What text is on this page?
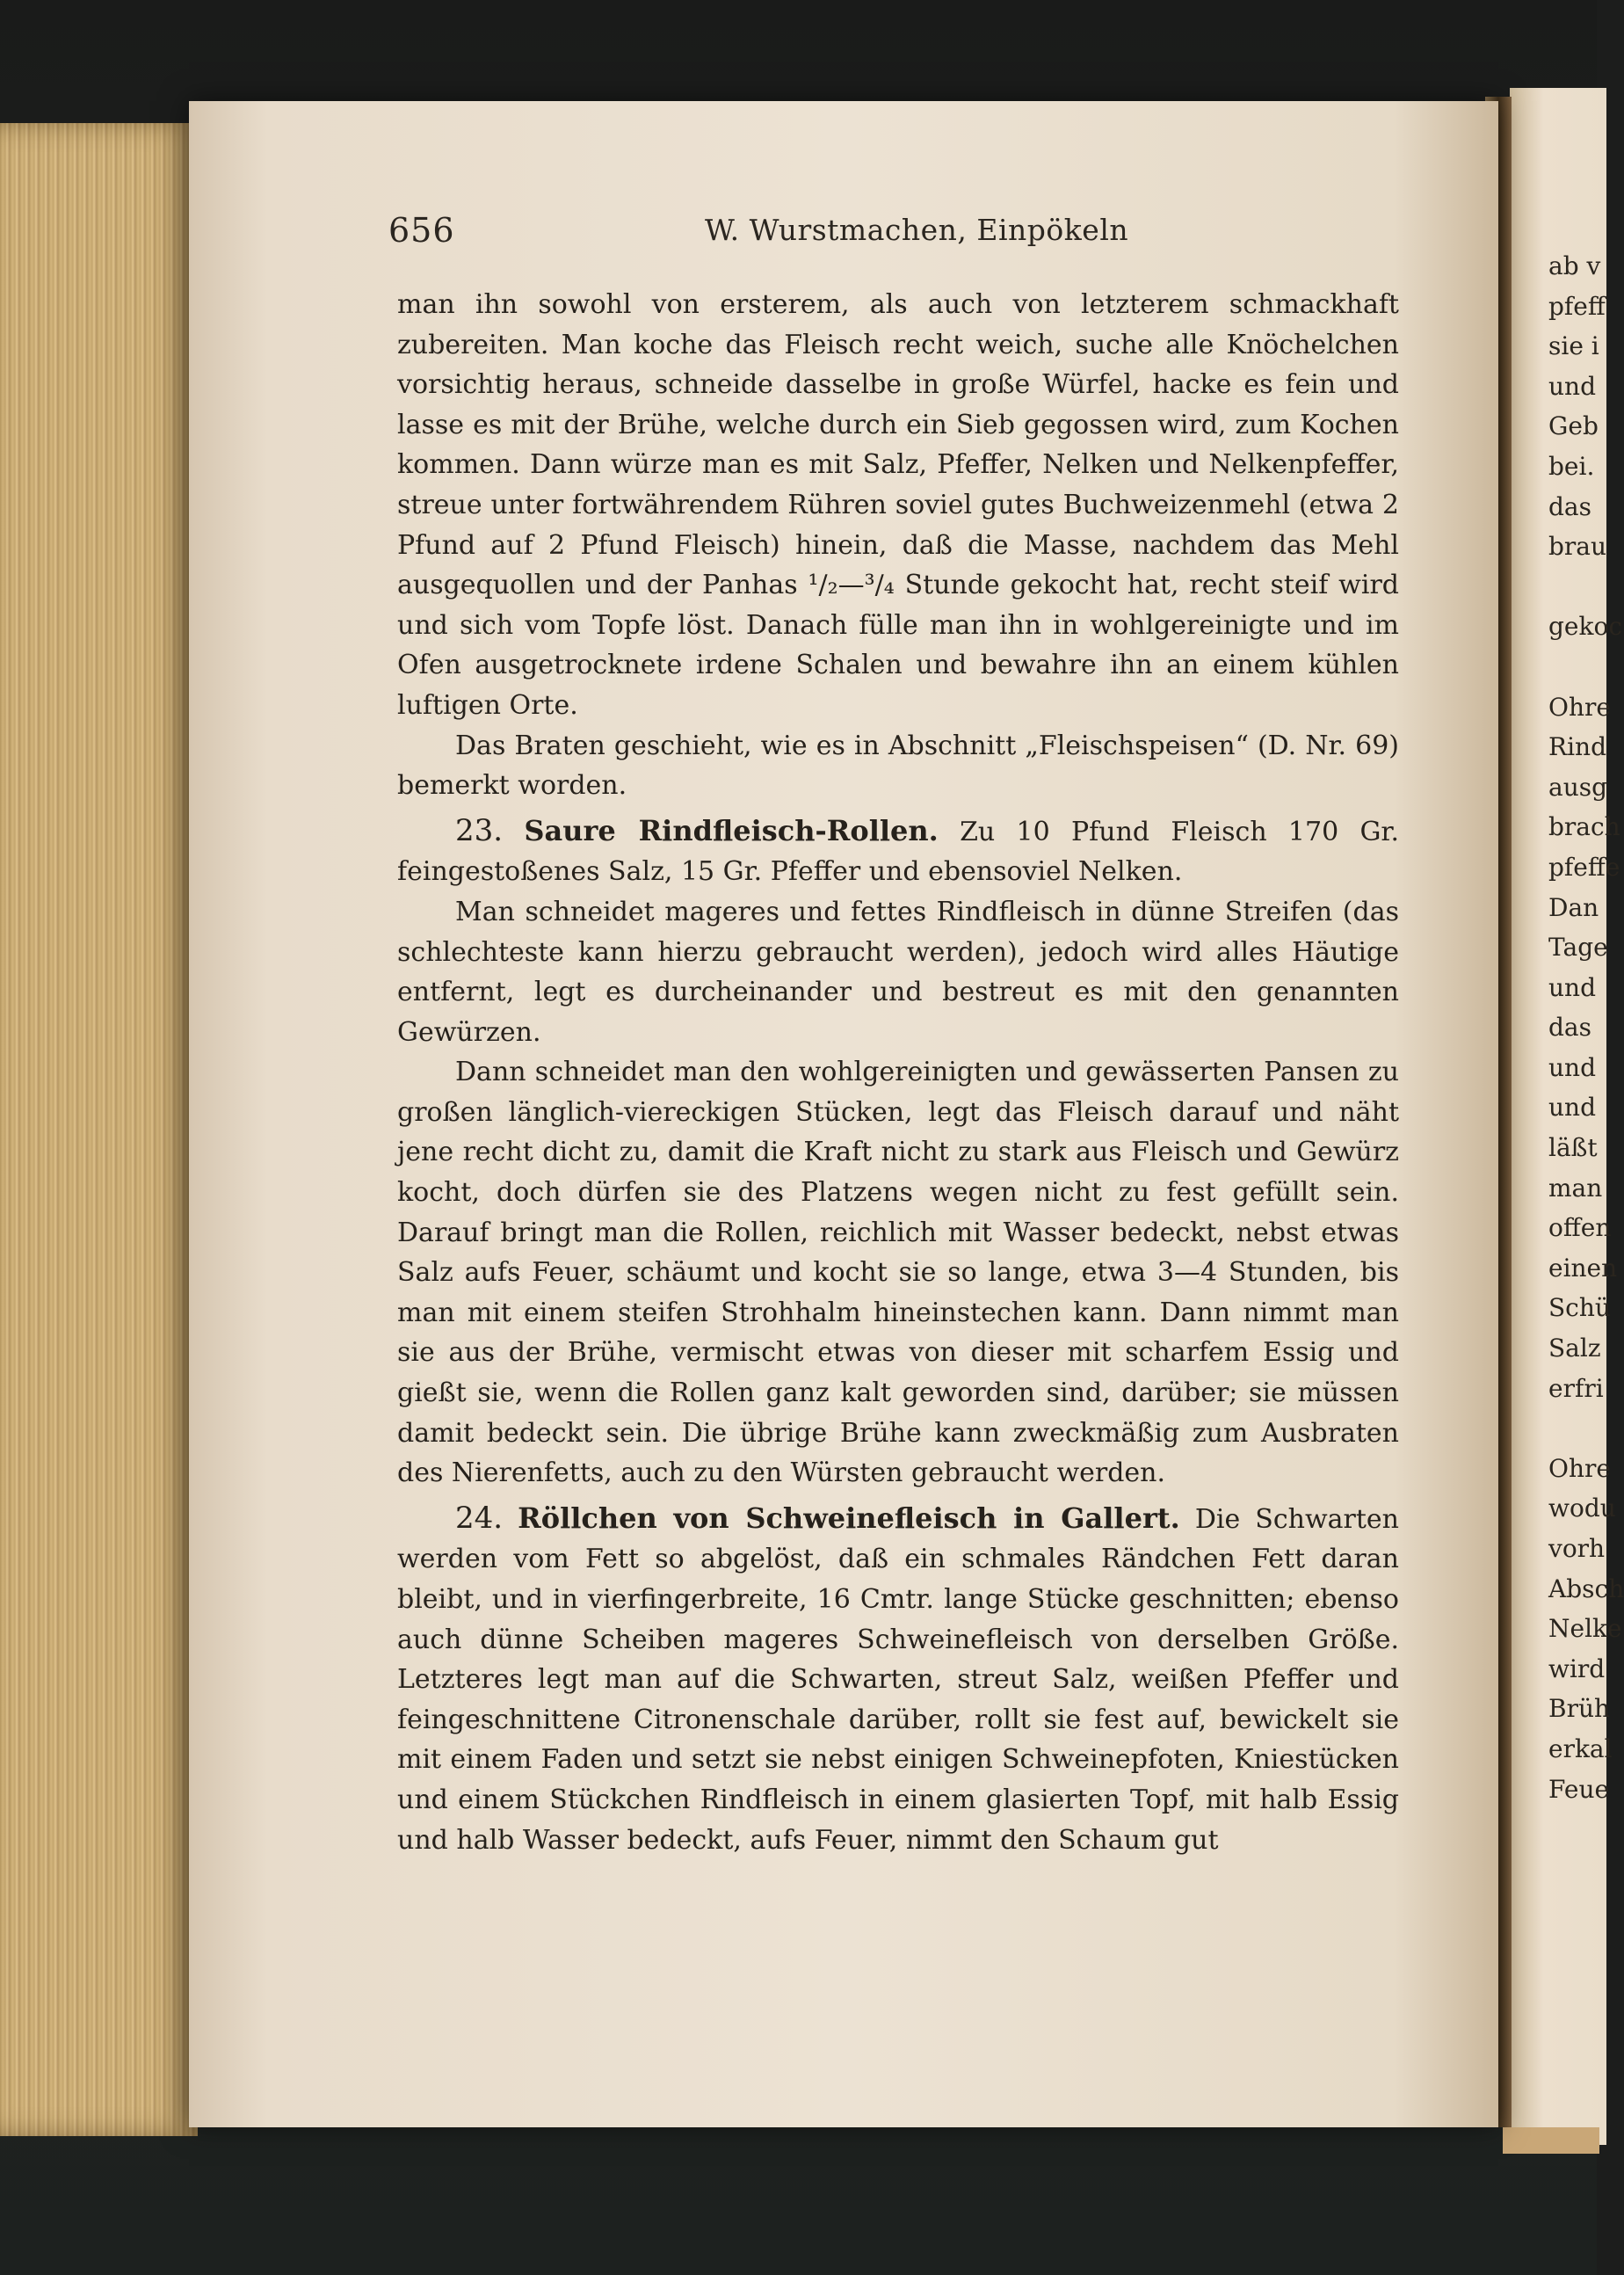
656	W. Wurstmachen, Einpökeln

man ihn sowohl von ersterem, als auch von letzterem schmackhaft zubereiten. Man koche das Fleisch recht weich, suche alle Knöchelchen vorsichtig heraus, schneide dasselbe in große Würfel, hacke es fein und lasse es mit der Brühe, welche durch ein Sieb gegossen wird, zum Kochen kommen. Dann würze man es mit Salz, Pfeffer, Nelken und Nelkenpfeffer, streue unter fortwährendem Rühren soviel gutes Buchweizenmehl (etwa 2 Pfund auf 2 Pfund Fleisch) hinein, daß die Masse, nachdem das Mehl ausgequollen und der Panhas ¹/₂—³/₄ Stunde gekocht hat, recht steif wird und sich vom Topfe löst. Danach fülle man ihn in wohlgereinigte und im Ofen ausgetrocknete irdene Schalen und bewahre ihn an einem kühlen luftigen Orte.

Das Braten geschieht, wie es in Abschnitt „Fleischspeisen“ (D. Nr. 69) bemerkt worden.

23. Saure Rindfleisch-Rollen. Zu 10 Pfund Fleisch 170 Gr. feingestoßenes Salz, 15 Gr. Pfeffer und ebensoviel Nelken.

Man schneidet mageres und fettes Rindfleisch in dünne Streifen (das schlechteste kann hierzu gebraucht werden), jedoch wird alles Häutige entfernt, legt es durcheinander und bestreut es mit den genannten Gewürzen.

Dann schneidet man den wohlgereinigten und gewässerten Pansen zu großen länglich-viereckigen Stücken, legt das Fleisch darauf und näht jene recht dicht zu, damit die Kraft nicht zu stark aus Fleisch und Gewürz kocht, doch dürfen sie des Platzens wegen nicht zu fest gefüllt sein. Darauf bringt man die Rollen, reichlich mit Wasser bedeckt, nebst etwas Salz aufs Feuer, schäumt und kocht sie so lange, etwa 3—4 Stunden, bis man mit einem steifen Strohhalm hineinstechen kann. Dann nimmt man sie aus der Brühe, vermischt etwas von dieser mit scharfem Essig und gießt sie, wenn die Rollen ganz kalt geworden sind, darüber; sie müssen damit bedeckt sein. Die übrige Brühe kann zweckmäßig zum Ausbraten des Nierenfetts, auch zu den Würsten gebraucht werden.

24. Röllchen von Schweinefleisch in Gallert. Die Schwarten werden vom Fett so abgelöst, daß ein schmales Rändchen Fett daran bleibt, und in vierfingerbreite, 16 Cmtr. lange Stücke geschnitten; ebenso auch dünne Scheiben mageres Schweinefleisch von derselben Größe. Letzteres legt man auf die Schwarten, streut Salz, weißen Pfeffer und feingeschnittene Citronenschale darüber, rollt sie fest auf, bewickelt sie mit einem Faden und setzt sie nebst einigen Schweinepfoten, Kniestücken und einem Stückchen Rindfleisch in einem glasierten Topf, mit halb Essig und halb Wasser bedeckt, aufs Feuer, nimmt den Schaum gut

ab v
pfeff
sie i
und
Geb
bei.
das
brau
gekoc
Ohre
Rind
ausg
brach
pfeffe
Dan
Tage
und
das
und
und
läßt
man
offen
einen
Schü
Salz
erfri
Ohre
wodu
vorh
Absch
Nelke
wird
Brüh
erkal
Feue
